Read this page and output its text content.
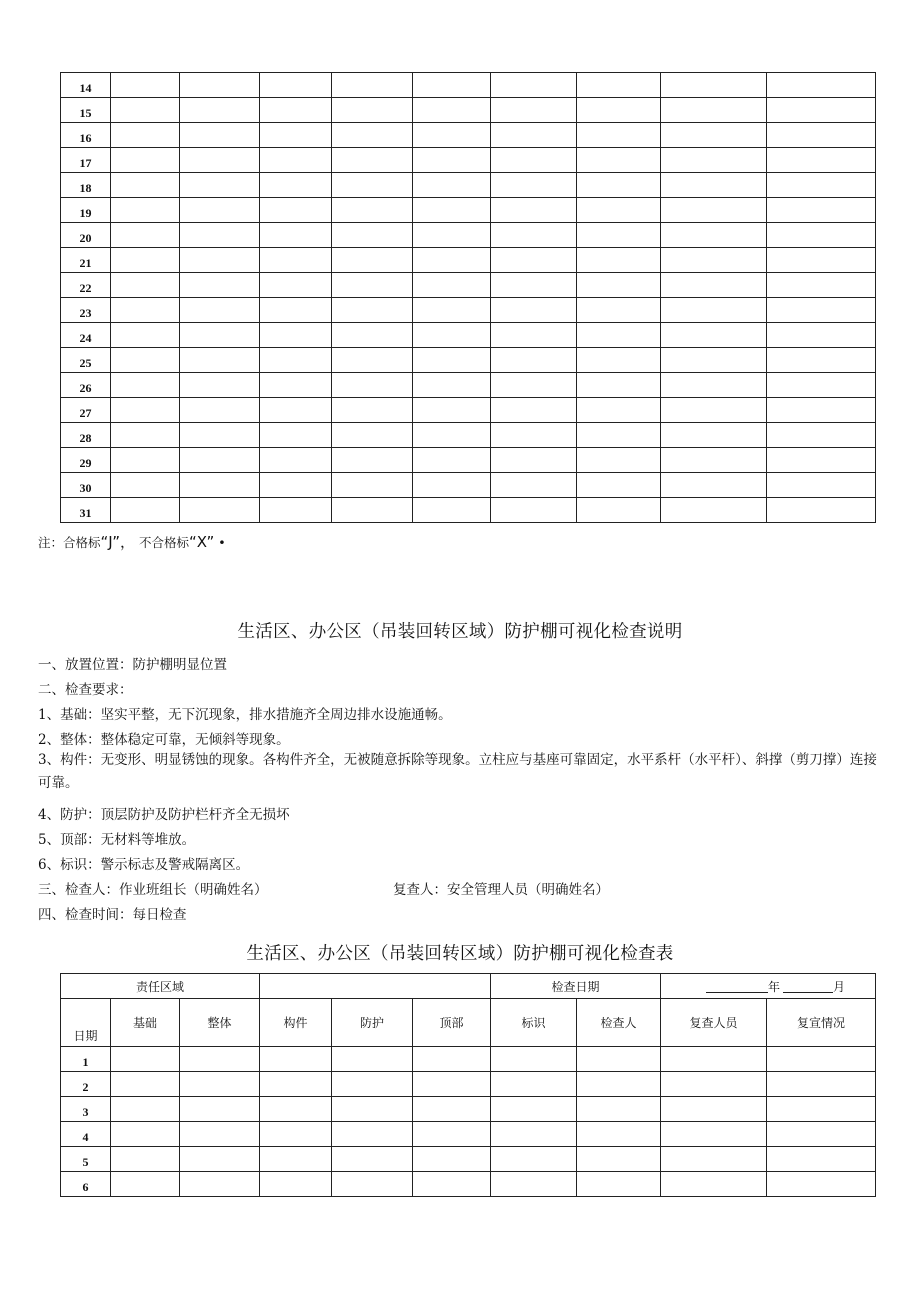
14									
15									
16									
17									
18									
19									
20									
21									
22									
23									
24									
25									
26									
27									
28									
29									
30									
31									
注：合格标“J”， 不合格标“X” •
生活区、办公区（吊装回转区域）防护棚可视化检查说明
一、放置位置：防护棚明显位置
二、检查要求：
1、基础：坚实平整，无下沉现象，排水措施齐全周边排水设施通畅。
2、整体：整体稳定可靠，无倾斜等现象。
3、构件：无变形、明显锈蚀的现象。各构件齐全，无被随意拆除等现象。立柱应与基座可靠固定，水平系杆（水平杆）、斜撑（剪刀撑）连接可靠。
4、防护：顶层防护及防护栏杆齐全无损坏
5、顶部：无材料等堆放。
6、标识：警示标志及警戒隔离区。
三、检查人：作业班组长（明确姓名）	复查人：安全管理人员（明确姓名）
四、检查时间：每日检查
生活区、办公区（吊装回转区域）防护棚可视化检查表
责任区域						检查日期		年 月	
日期	基础	整体	构件	防护	顶部	标识	检查人	复查人员	复宣情况
1									
2									
3									
4									
5									
6									
